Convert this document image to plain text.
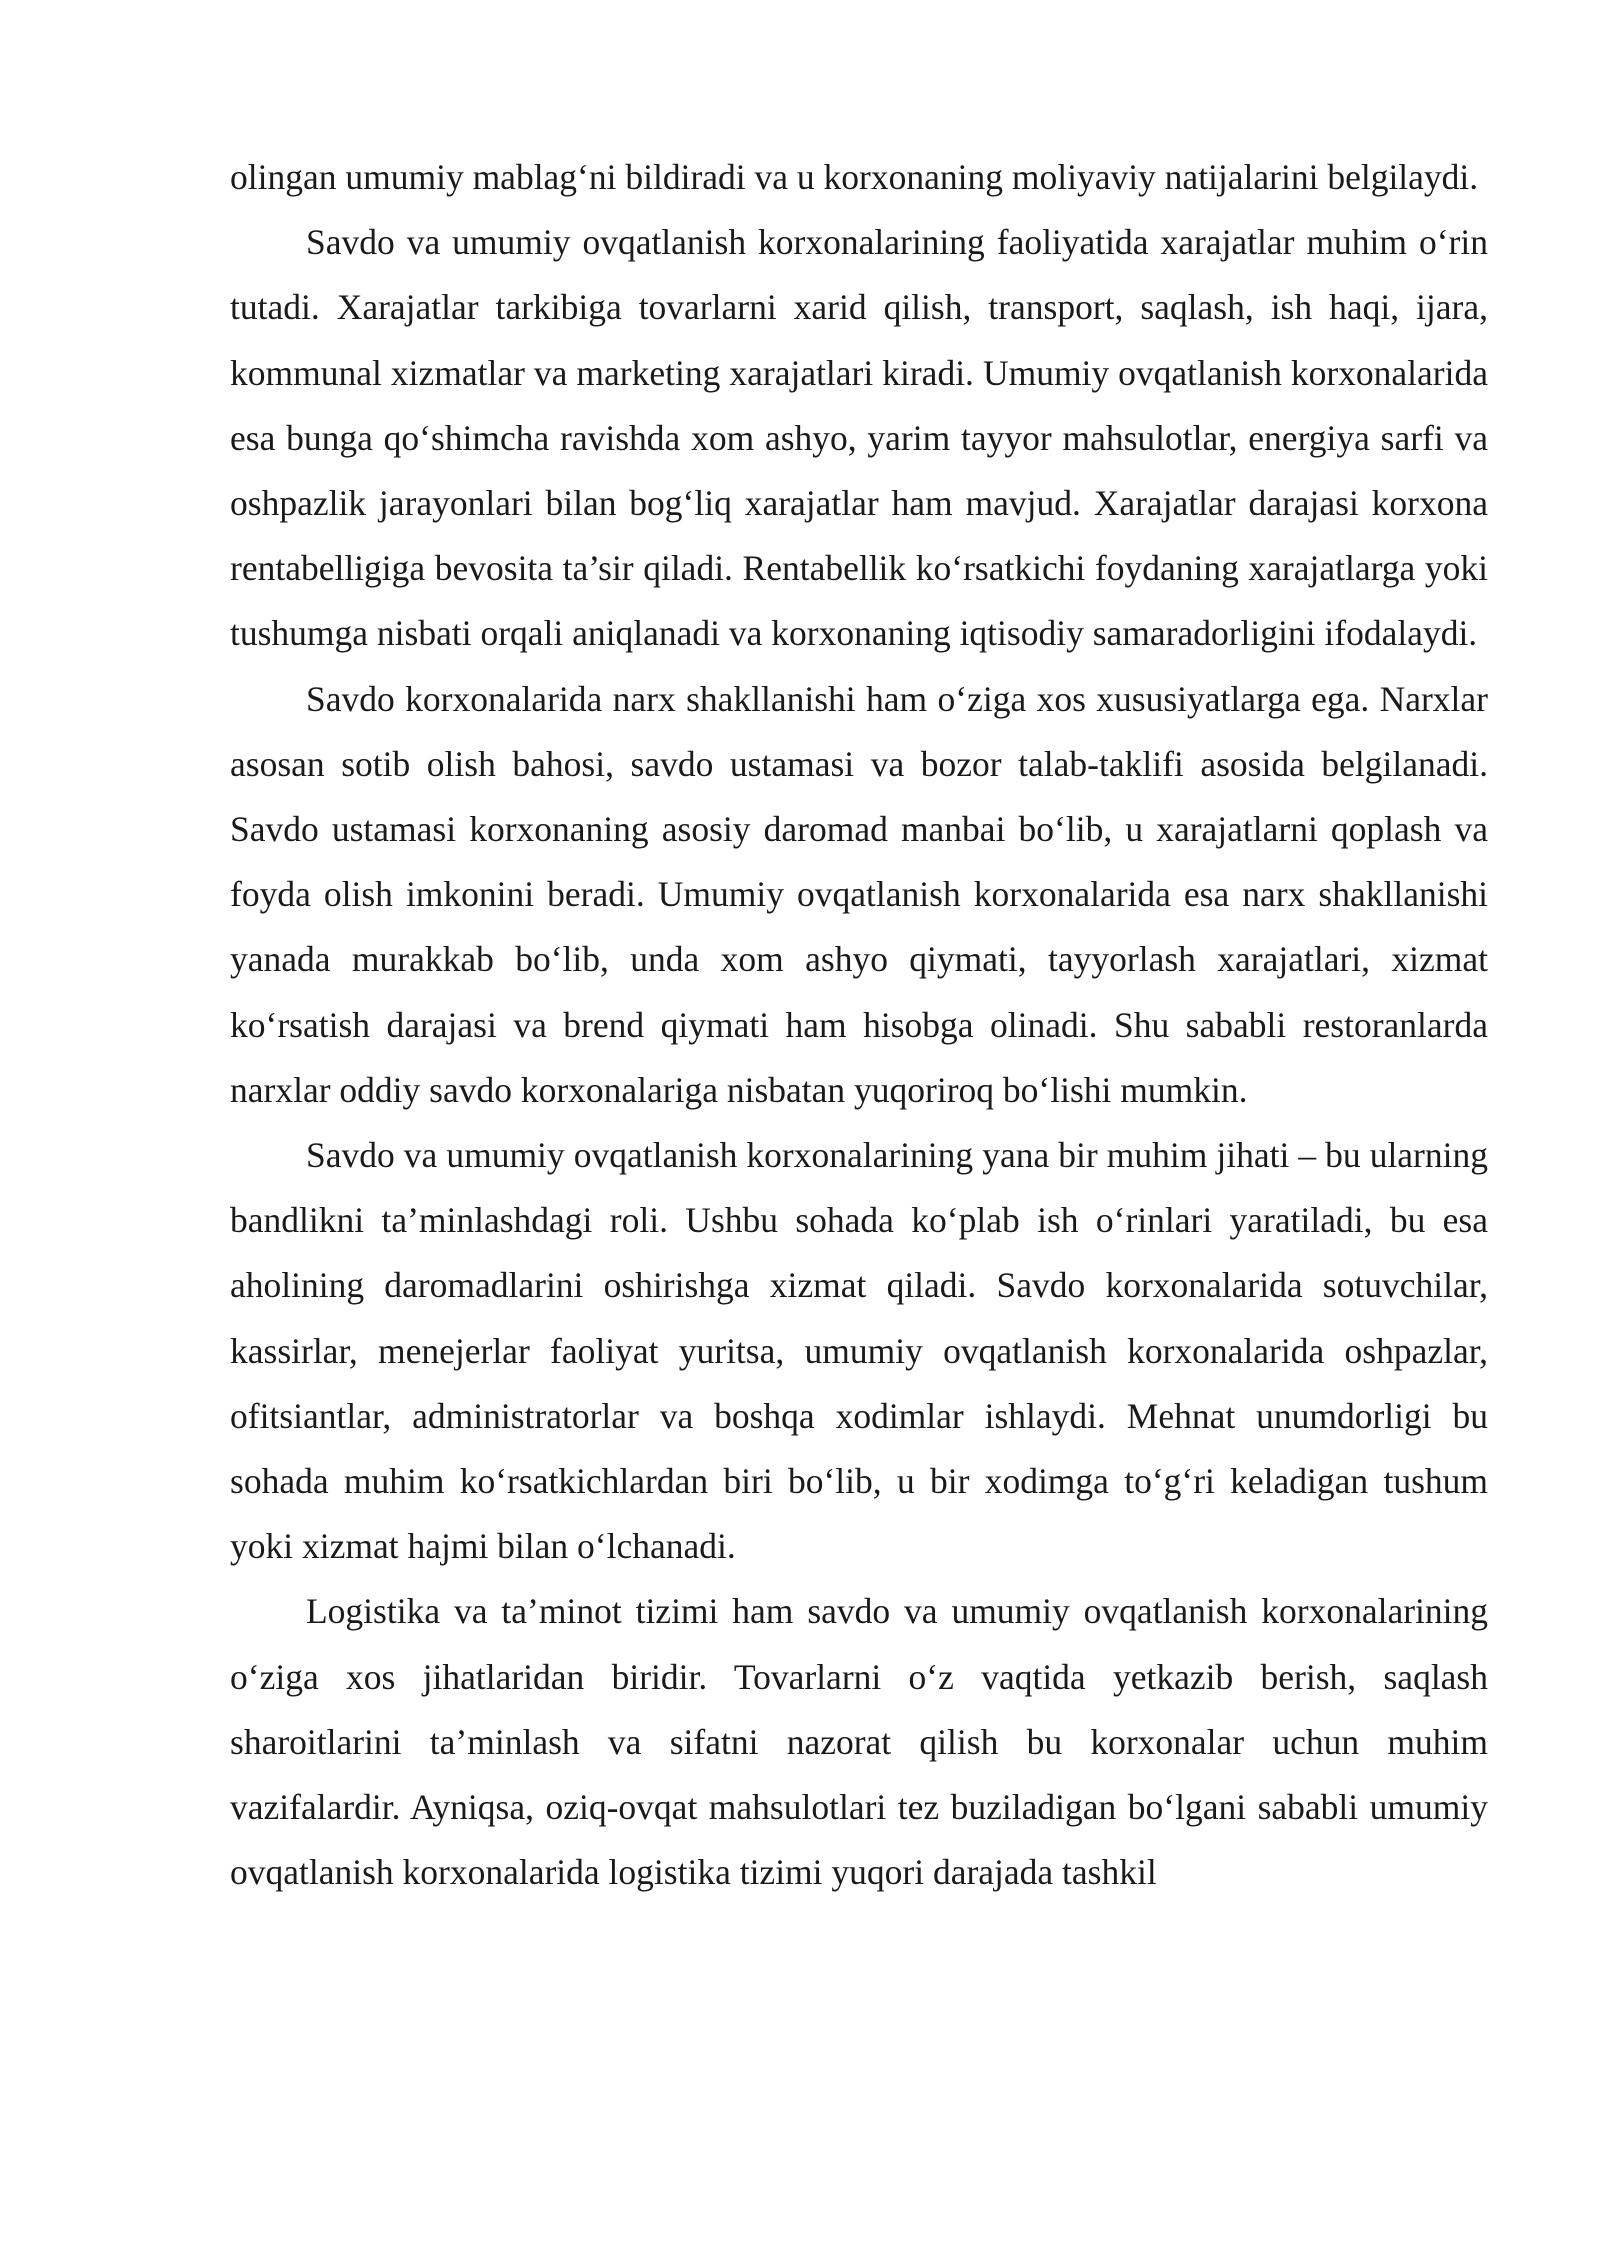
olingan umumiy mablag‘ni bildiradi va u korxonaning moliyaviy natijalarini belgilaydi.

Savdo va umumiy ovqatlanish korxonalarining faoliyatida xarajatlar muhim o‘rin tutadi. Xarajatlar tarkibiga tovarlarni xarid qilish, transport, saqlash, ish haqi, ijara, kommunal xizmatlar va marketing xarajatlari kiradi. Umumiy ovqatlanish korxonalarida esa bunga qo‘shimcha ravishda xom ashyo, yarim tayyor mahsulotlar, energiya sarfi va oshpazlik jarayonlari bilan bog‘liq xarajatlar ham mavjud. Xarajatlar darajasi korxona rentabelligiga bevosita ta’sir qiladi. Rentabellik ko‘rsatkichi foydaning xarajatlarga yoki tushumga nisbati orqali aniqlanadi va korxonaning iqtisodiy samaradorligini ifodalaydi.

Savdo korxonalarida narx shakllanishi ham o‘ziga xos xususiyatlarga ega. Narxlar asosan sotib olish bahosi, savdo ustamasi va bozor talab-taklifi asosida belgilanadi. Savdo ustamasi korxonaning asosiy daromad manbai bo‘lib, u xarajatlarni qoplash va foyda olish imkonini beradi. Umumiy ovqatlanish korxonalarida esa narx shakllanishi yanada murakkab bo‘lib, unda xom ashyo qiymati, tayyorlash xarajatlari, xizmat ko‘rsatish darajasi va brend qiymati ham hisobga olinadi. Shu sababli restoranlarda narxlar oddiy savdo korxonalariga nisbatan yuqoriroq bo‘lishi mumkin.

Savdo va umumiy ovqatlanish korxonalarining yana bir muhim jihati – bu ularning bandlikni ta’minlashdagi roli. Ushbu sohada ko‘plab ish o‘rinlari yaratiladi, bu esa aholining daromadlarini oshirishga xizmat qiladi. Savdo korxonalarida sotuvchilar, kassirlar, menejerlar faoliyat yuritsa, umumiy ovqatlanish korxonalarida oshpazlar, ofitsiantlar, administratorlar va boshqa xodimlar ishlaydi. Mehnat unumdorligi bu sohada muhim ko‘rsatkichlardan biri bo‘lib, u bir xodimga to‘g‘ri keladigan tushum yoki xizmat hajmi bilan o‘lchanadi.

Logistika va ta’minot tizimi ham savdo va umumiy ovqatlanish korxonalarining o‘ziga xos jihatlaridan biridir. Tovarlarni o‘z vaqtida yetkazib berish, saqlash sharoitlarini ta’minlash va sifatni nazorat qilish bu korxonalar uchun muhim vazifalardir. Ayniqsa, oziq-ovqat mahsulotlari tez buziladigan bo‘lgani sababli umumiy ovqatlanish korxonalarida logistika tizimi yuqori darajada tashkil
